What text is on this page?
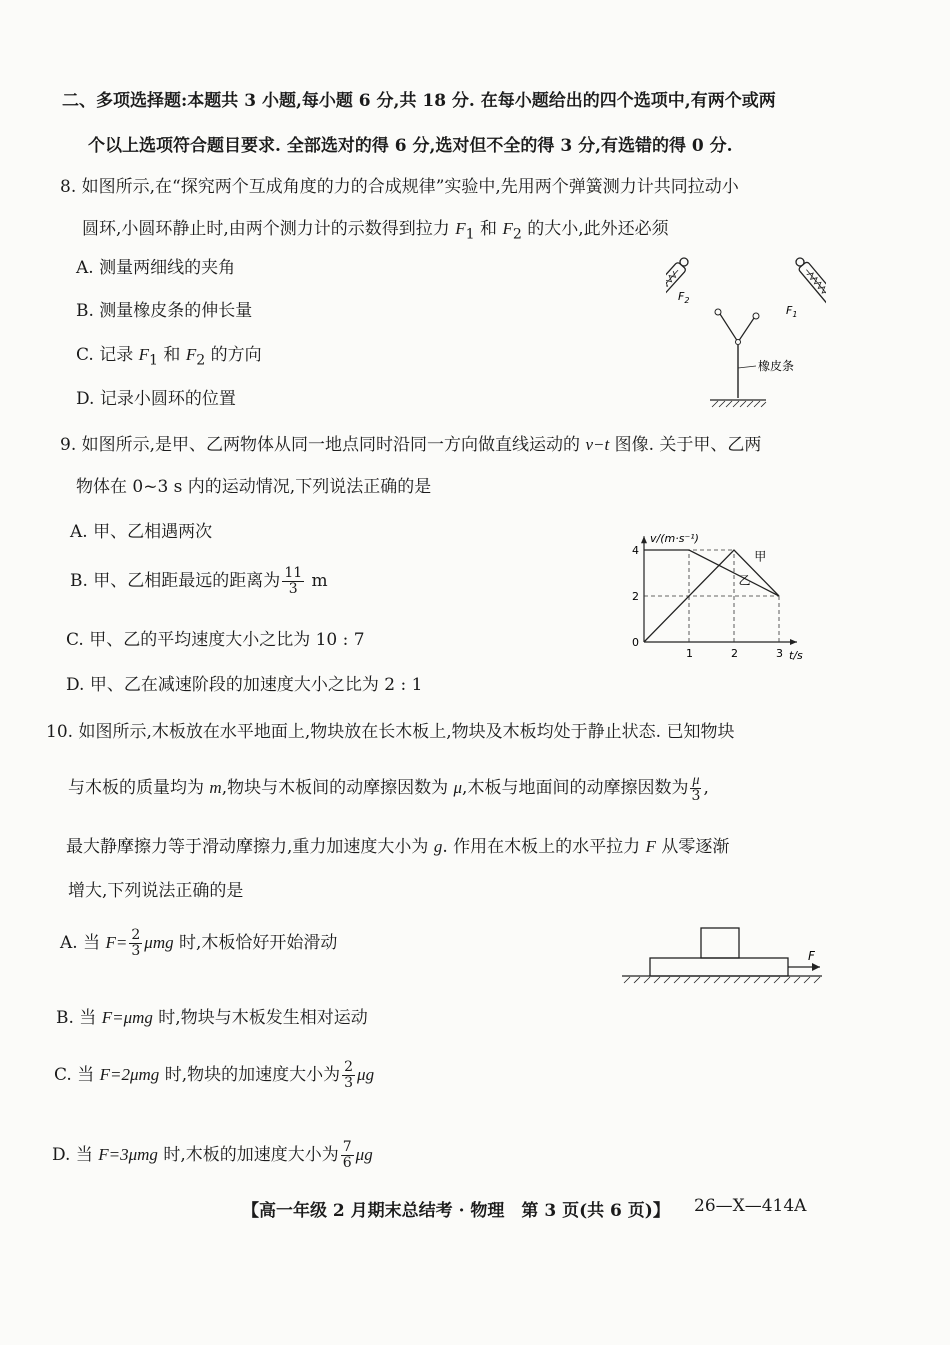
二、多项选择题:本题共 3 小题,每小题 6 分,共 18 分. 在每小题给出的四个选项中,有两个或两
个以上选项符合题目要求. 全部选对的得 6 分,选对但不全的得 3 分,有选错的得 0 分.
8. 如图所示,在“探究两个互成角度的力的合成规律”实验中,先用两个弹簧测力计共同拉动小
圆环,小圆环静止时,由两个测力计的示数得到拉力 $F_1$ 和 $F_2$ 的大小,此外还必须
A. 测量两细线的夹角
B. 测量橡皮条的伸长量
C. 记录 $F_1$ 和 $F_2$ 的方向
D. 记录小圆环的位置
$F_2$
$F_1$
橡皮条
9. 如图所示,是甲、乙两物体从同一地点同时沿同一方向做直线运动的 v−t 图像. 关于甲、乙两
物体在 0~3 s 内的运动情况,下列说法正确的是
A. 甲、乙相遇两次
B. 甲、乙相距最远的距离为 $\frac{11}{3}$ m
C. 甲、乙的平均速度大小之比为 10 : 7
D. 甲、乙在减速阶段的加速度大小之比为 2 : 1
0
1	2	3
2
4
v/(m·s⁻¹)
t/s
甲
乙
10. 如图所示,木板放在水平地面上,物块放在长木板上,物块及木板均处于静止状态. 已知物块
与木板的质量均为 m,物块与木板间的动摩擦因数为 μ,木板与地面间的动摩擦因数为 $\frac{\mu}{3}$ ,
最大静摩擦力等于滑动摩擦力,重力加速度大小为 g. 作用在木板上的水平拉力 F 从零逐渐
增大,下列说法正确的是
A. 当 $F= \frac{2}{3}$ μmg 时,木板恰好开始滑动
B. 当 F=μmg 时,物块与木板发生相对运动
C. 当 F=2μmg 时,物块的加速度大小为 $\frac{2}{3}$ μg
D. 当 F=3μmg 时,木板的加速度大小为 $\frac{7}{6}$ μg
F
【高一年级 2 月期末总结考 · 物理　第 3 页(共 6 页)】 26—X—414A
